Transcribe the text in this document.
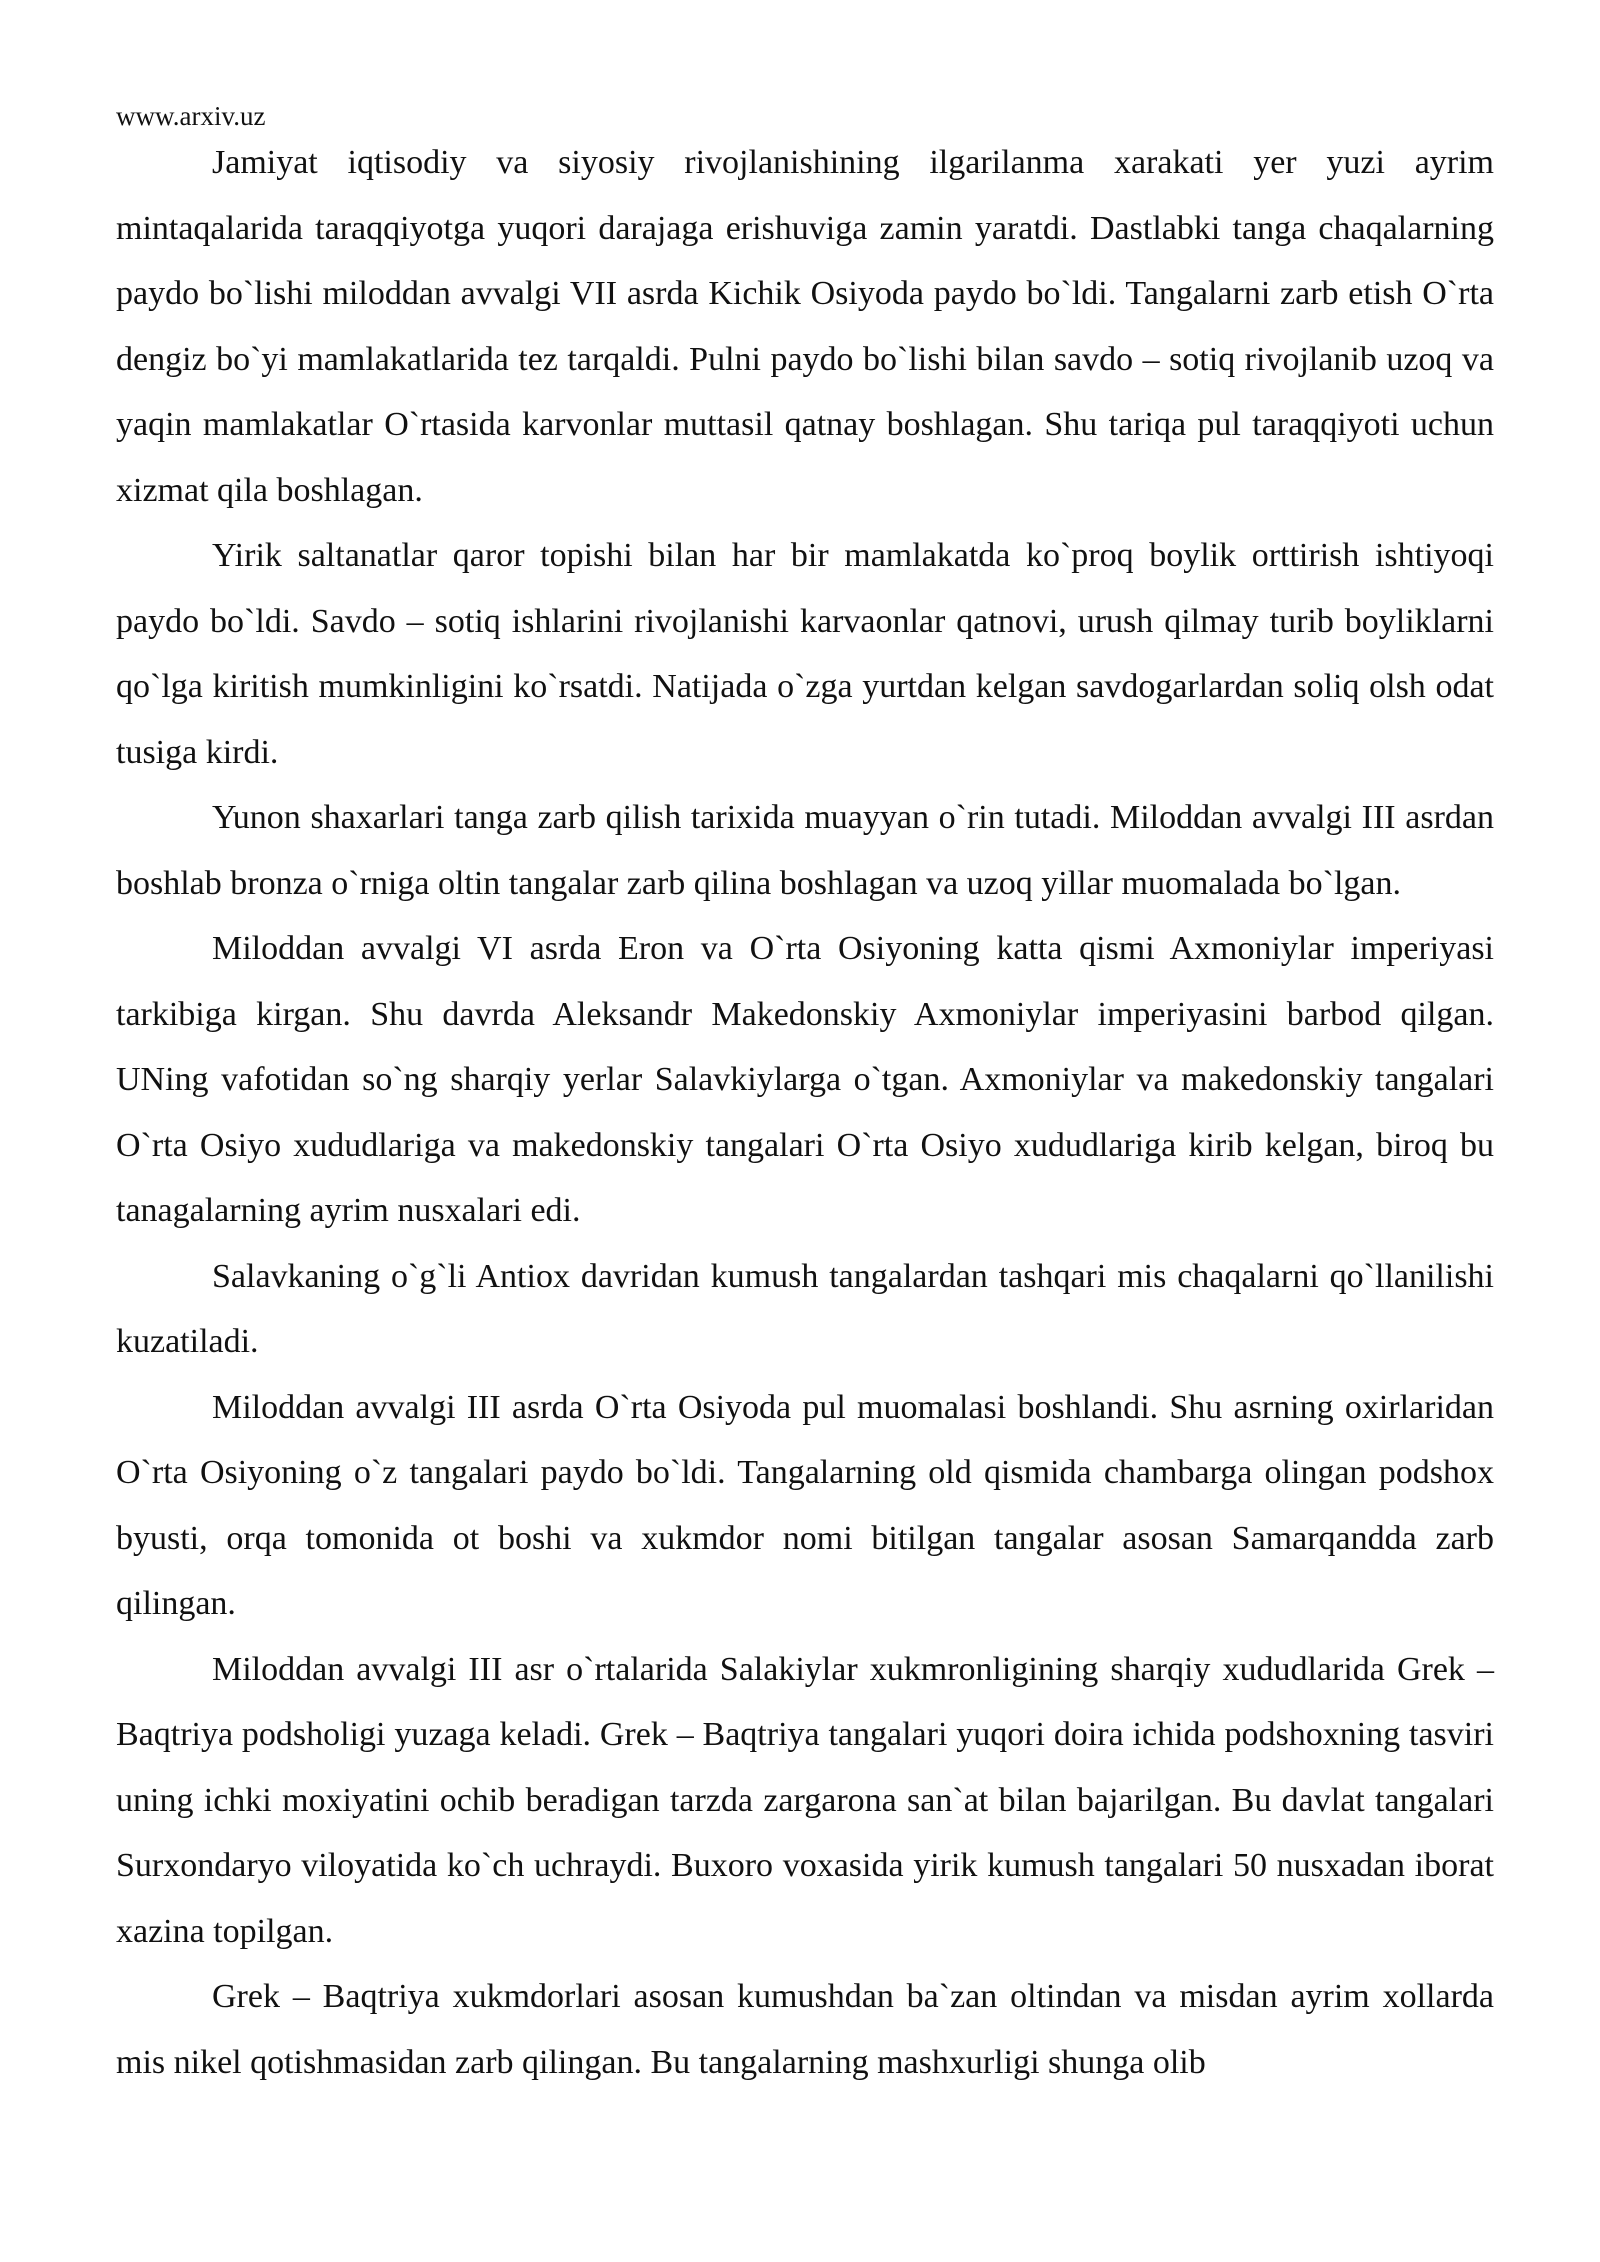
www.arxiv.uz

Jamiyat iqtisodiy va siyosiy rivojlanishining ilgarilanma xarakati yer yuzi ayrim mintaqalarida taraqqiyotga yuqori darajaga erishuviga zamin yaratdi. Dastlabki tanga chaqalarning paydo bo`lishi miloddan avvalgi VII asrda Kichik Osiyoda paydo bo`ldi. Tangalarni zarb etish O`rta dengiz bo`yi mamlakatlarida tez tarqaldi. Pulni paydo bo`lishi bilan savdo – sotiq rivojlanib uzoq va yaqin mamlakatlar O`rtasida karvonlar muttasil qatnay boshlagan. Shu tariqa pul taraqqiyoti uchun xizmat qila boshlagan.

Yirik saltanatlar qaror topishi bilan har bir mamlakatda ko`proq boylik orttirish ishtiyoqi paydo bo`ldi. Savdo – sotiq ishlarini rivojlanishi karvaonlar qatnovi, urush qilmay turib boyliklarni qo`lga kiritish mumkinligini ko`rsatdi. Natijada o`zga yurtdan kelgan savdogarlardan soliq olsh odat tusiga kirdi.

Yunon shaxarlari tanga zarb qilish tarixida muayyan o`rin tutadi. Miloddan avvalgi III asrdan boshlab bronza o`rniga oltin tangalar zarb qilina boshlagan va uzoq yillar muomalada bo`lgan.

Miloddan avvalgi VI asrda Eron va O`rta Osiyoning katta qismi Axmoniylar imperiyasi tarkibiga kirgan. Shu davrda Aleksandr Makedonskiy Axmoniylar imperiyasini barbod qilgan. UNing vafotidan so`ng sharqiy yerlar Salavkiylarga o`tgan. Axmoniylar va makedonskiy tangalari O`rta Osiyo xududlariga va makedonskiy tangalari O`rta Osiyo xududlariga kirib kelgan, biroq bu tanagalarning ayrim nusxalari edi.

Salavkaning o`g`li Antiox davridan kumush tangalardan tashqari mis chaqalarni qo`llanilishi kuzatiladi.

Miloddan avvalgi III asrda O`rta Osiyoda pul muomalasi boshlandi. Shu asrning oxirlaridan O`rta Osiyoning o`z tangalari paydo bo`ldi. Tangalarning old qismida chambarga olingan podshox byusti, orqa tomonida ot boshi va xukmdor nomi bitilgan tangalar asosan Samarqandda zarb qilingan.

Miloddan avvalgi III asr o`rtalarida Salakiylar xukmronligining sharqiy xududlarida Grek – Baqtriya podsholigi yuzaga keladi. Grek – Baqtriya tangalari yuqori doira ichida podshoxning tasviri uning ichki moxiyatini ochib beradigan tarzda zargarona san`at bilan bajarilgan. Bu davlat tangalari Surxondaryo viloyatida ko`ch uchraydi. Buxoro voxasida yirik kumush tangalari 50 nusxadan iborat xazina topilgan.

Grek – Baqtriya xukmdorlari asosan kumushdan ba`zan oltindan va misdan ayrim xollarda mis nikel qotishmasidan zarb qilingan. Bu tangalarning mashxurligi shunga olib
